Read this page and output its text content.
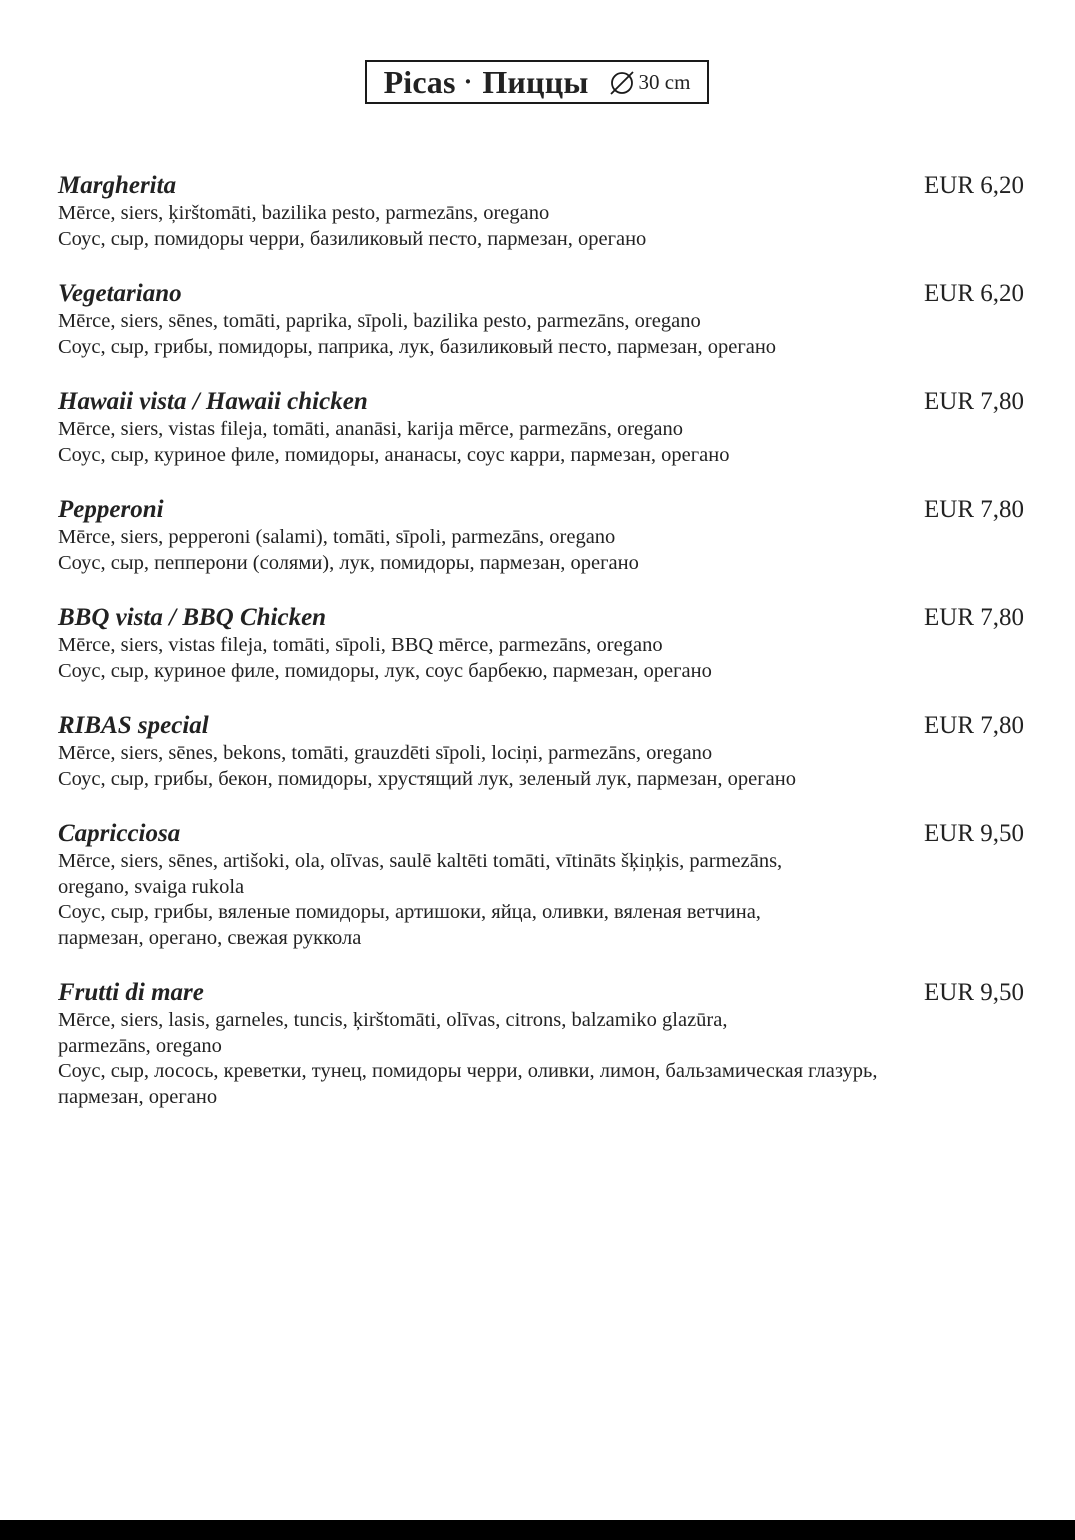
Picas · Пиццы 30 cm
Margherita	EUR 6,20
Mērce, siers, ķirštomāti, bazilika pesto, parmezāns, oregano
Соус, сыр, помидоры черри, базиликовый песто, пармезан, орегано
Vegetariano	EUR 6,20
Mērce, siers, sēnes, tomāti, paprika, sīpoli, bazilika pesto, parmezāns, oregano
Соус, сыр, грибы, помидоры, паприка, лук, базиликовый песто, пармезан, орегано
Hawaii vista / Hawaii chicken	EUR 7,80
Mērce, siers, vistas fileja, tomāti, ananāsi, karija mērce, parmezāns, oregano
Соус, сыр, куриное филе, помидоры, ананасы, соус карри, пармезан, орегано
Pepperoni	EUR 7,80
Mērce, siers, pepperoni (salami), tomāti, sīpoli, parmezāns, oregano
Соус, сыр, пепперони (солями), лук, помидоры, пармезан, орегано
BBQ vista / BBQ Chicken	EUR 7,80
Mērce, siers, vistas fileja, tomāti, sīpoli, BBQ mērce, parmezāns, oregano
Соус, сыр, куриное филе, помидоры, лук, соус барбекю, пармезан, орегано
RIBAS special	EUR 7,80
Mērce, siers, sēnes, bekons, tomāti, grauzdēti sīpoli, lociņi, parmezāns, oregano
Соус, сыр, грибы, бекон, помидоры, хрустящий лук, зеленый лук, пармезан, орегано
Capricciosa	EUR 9,50
Mērce, siers, sēnes, artišoki, ola, olīvas, saulē kaltēti tomāti, vītināts šķiņķis, parmezāns, oregano, svaiga rukola
Соус, сыр, грибы, вяленые помидоры, артишоки, яйца, оливки, вяленая ветчина, пармезан, орегано, свежая руккола
Frutti di mare	EUR 9,50
Mērce, siers, lasis, garneles, tuncis, ķirštomāti, olīvas, citrons, balzamiko glazūra, parmezāns, oregano
Соус, сыр, лосось, креветки, тунец, помидоры черри, оливки, лимон, бальзамическая глазурь, пармезан, орегано
